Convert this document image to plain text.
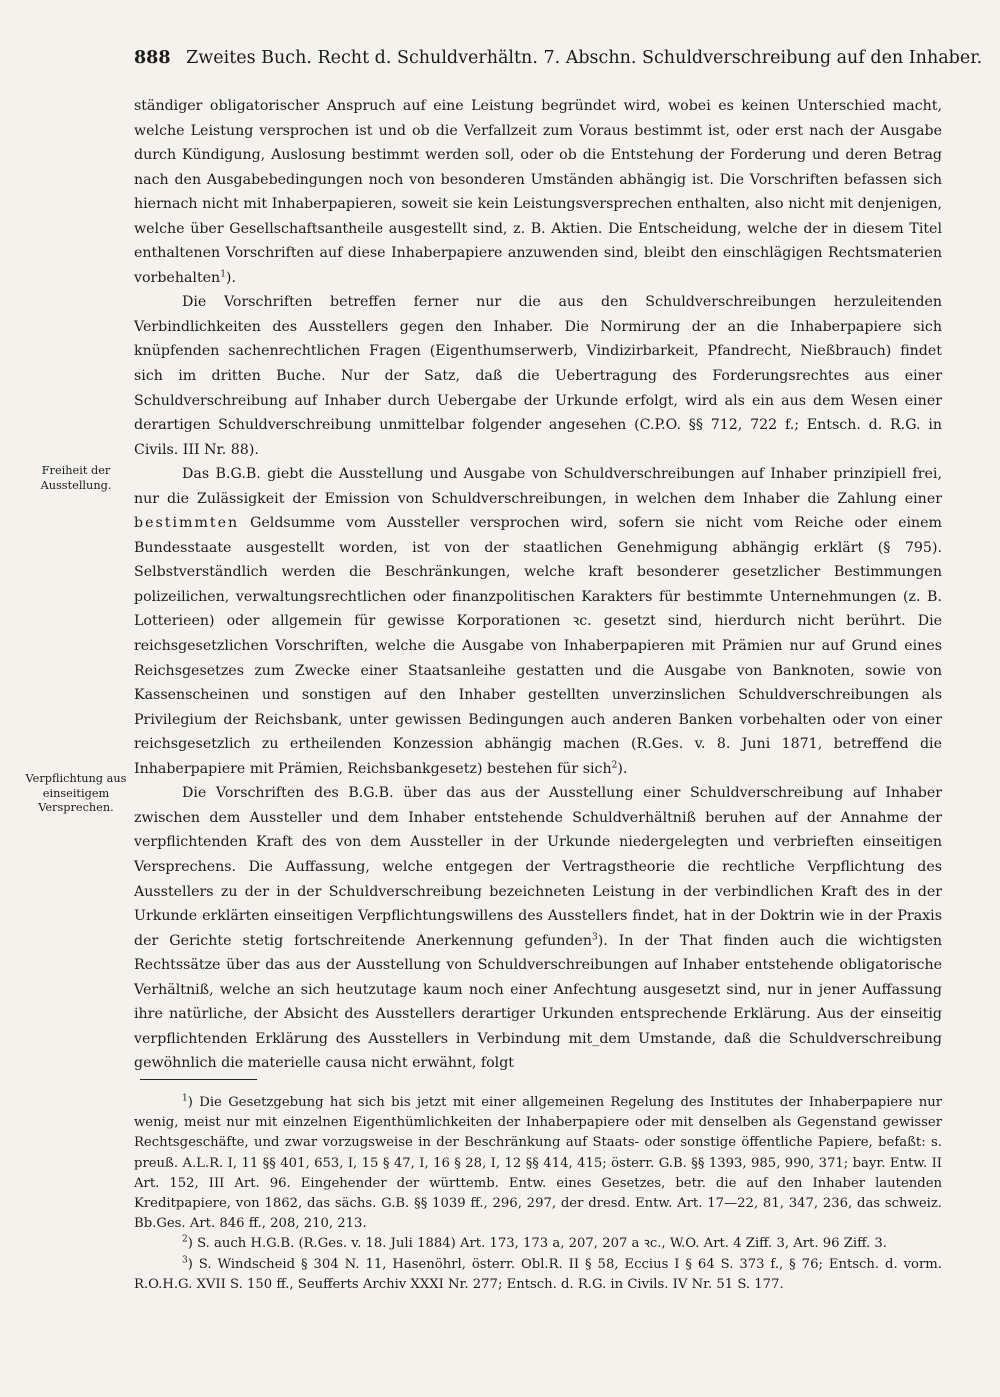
888 Zweites Buch. Recht d. Schuldverhältn. 7. Abschn. Schuldverschreibung auf den Inhaber.
Freiheit der Ausstellung.
Verpflichtung aus einseitigem Versprechen.

ständiger obligatorischer Anspruch auf eine Leistung begründet wird, wobei es keinen Unterschied macht, welche Leistung versprochen ist und ob die Verfallzeit zum Voraus bestimmt ist, oder erst nach der Ausgabe durch Kündigung, Auslosung bestimmt werden soll, oder ob die Entstehung der Forderung und deren Betrag nach den Ausgabebedingungen noch von besonderen Umständen abhängig ist. Die Vorschriften befassen sich hiernach nicht mit Inhaberpapieren, soweit sie kein Leistungsversprechen enthalten, also nicht mit denjenigen, welche über Gesellschaftsantheile ausgestellt sind, z. B. Aktien. Die Entscheidung, welche der in diesem Titel enthaltenen Vorschriften auf diese Inhaberpapiere anzuwenden sind, bleibt den einschlägigen Rechtsmaterien vorbehalten$^1$).

Die Vorschriften betreffen ferner nur die aus den Schuldverschreibungen herzuleitenden Verbindlichkeiten des Ausstellers gegen den Inhaber. Die Normirung der an die Inhaberpapiere sich knüpfenden sachenrechtlichen Fragen (Eigenthumserwerb, Vindizirbarkeit, Pfandrecht, Nießbrauch) findet sich im dritten Buche. Nur der Satz, daß die Uebertragung des Forderungsrechtes aus einer Schuldverschreibung auf Inhaber durch Uebergabe der Urkunde erfolgt, wird als ein aus dem Wesen einer derartigen Schuldverschreibung unmittelbar folgender angesehen (C.P.O. §§ 712, 722 f.; Entsch. d. R.G. in Civils. III Nr. 88).

Das B.G.B. giebt die Ausstellung und Ausgabe von Schuldverschreibungen auf Inhaber prinzipiell frei, nur die Zulässigkeit der Emission von Schuldverschreibungen, in welchen dem Inhaber die Zahlung einer bestimmten Geldsumme vom Aussteller versprochen wird, sofern sie nicht vom Reiche oder einem Bundesstaate ausgestellt worden, ist von der staatlichen Genehmigung abhängig erklärt (§ 795). Selbstverständlich werden die Beschränkungen, welche kraft besonderer gesetzlicher Bestimmungen polizeilichen, verwaltungsrechtlichen oder finanzpolitischen Karakters für bestimmte Unternehmungen (z. B. Lotterieen) oder allgemein für gewisse Korporationen ꝛc. gesetzt sind, hierdurch nicht berührt. Die reichsgesetzlichen Vorschriften, welche die Ausgabe von Inhaberpapieren mit Prämien nur auf Grund eines Reichsgesetzes zum Zwecke einer Staatsanleihe gestatten und die Ausgabe von Banknoten, sowie von Kassenscheinen und sonstigen auf den Inhaber gestellten unverzinslichen Schuldverschreibungen als Privilegium der Reichsbank, unter gewissen Bedingungen auch anderen Banken vorbehalten oder von einer reichsgesetzlich zu ertheilenden Konzession abhängig machen (R.Ges. v. 8. Juni 1871, betreffend die Inhaberpapiere mit Prämien, Reichsbankgesetz) bestehen für sich$^2$).

Die Vorschriften des B.G.B. über das aus der Ausstellung einer Schuldverschreibung auf Inhaber zwischen dem Aussteller und dem Inhaber entstehende Schuldverhältniß beruhen auf der Annahme der verpflichtenden Kraft des von dem Aussteller in der Urkunde niedergelegten und verbrieften einseitigen Versprechens. Die Auffassung, welche entgegen der Vertragstheorie die rechtliche Verpflichtung des Ausstellers zu der in der Schuldverschreibung bezeichneten Leistung in der verbindlichen Kraft des in der Urkunde erklärten einseitigen Verpflichtungswillens des Ausstellers findet, hat in der Doktrin wie in der Praxis der Gerichte stetig fortschreitende Anerkennung gefunden$^3$). In der That finden auch die wichtigsten Rechtssätze über das aus der Ausstellung von Schuldverschreibungen auf Inhaber entstehende obligatorische Verhältniß, welche an sich heutzutage kaum noch einer Anfechtung ausgesetzt sind, nur in jener Auffassung ihre natürliche, der Absicht des Ausstellers derartiger Urkunden entsprechende Erklärung. Aus der einseitig verpflichtenden Erklärung des Ausstellers in Verbindung mit_dem Umstande, daß die Schuldverschreibung gewöhnlich die materielle causa nicht erwähnt, folgt

$^1$) Die Gesetzgebung hat sich bis jetzt mit einer allgemeinen Regelung des Institutes der Inhaberpapiere nur wenig, meist nur mit einzelnen Eigenthümlichkeiten der Inhaberpapiere oder mit denselben als Gegenstand gewisser Rechtsgeschäfte, und zwar vorzugsweise in der Beschränkung auf Staats- oder sonstige öffentliche Papiere, befaßt: s. preuß. A.L.R. I, 11 §§ 401, 653, I, 15 § 47, I, 16 § 28, I, 12 §§ 414, 415; österr. G.B. §§ 1393, 985, 990, 371; bayr. Entw. II Art. 152, III Art. 96. Eingehender der württemb. Entw. eines Gesetzes, betr. die auf den Inhaber lautenden Kreditpapiere, von 1862, das sächs. G.B. §§ 1039 ff., 296, 297, der dresd. Entw. Art. 17—22, 81, 347, 236, das schweiz. Bb.Ges. Art. 846 ff., 208, 210, 213.

$^2$) S. auch H.G.B. (R.Ges. v. 18. Juli 1884) Art. 173, 173 a, 207, 207 a ꝛc., W.O. Art. 4 Ziff. 3, Art. 96 Ziff. 3.

$^3$) S. Windscheid § 304 N. 11, Hasenöhrl, österr. Obl.R. II § 58, Eccius I § 64 S. 373 f., § 76; Entsch. d. vorm. R.O.H.G. XVII S. 150 ff., Seufferts Archiv XXXI Nr. 277; Entsch. d. R.G. in Civils. IV Nr. 51 S. 177.
